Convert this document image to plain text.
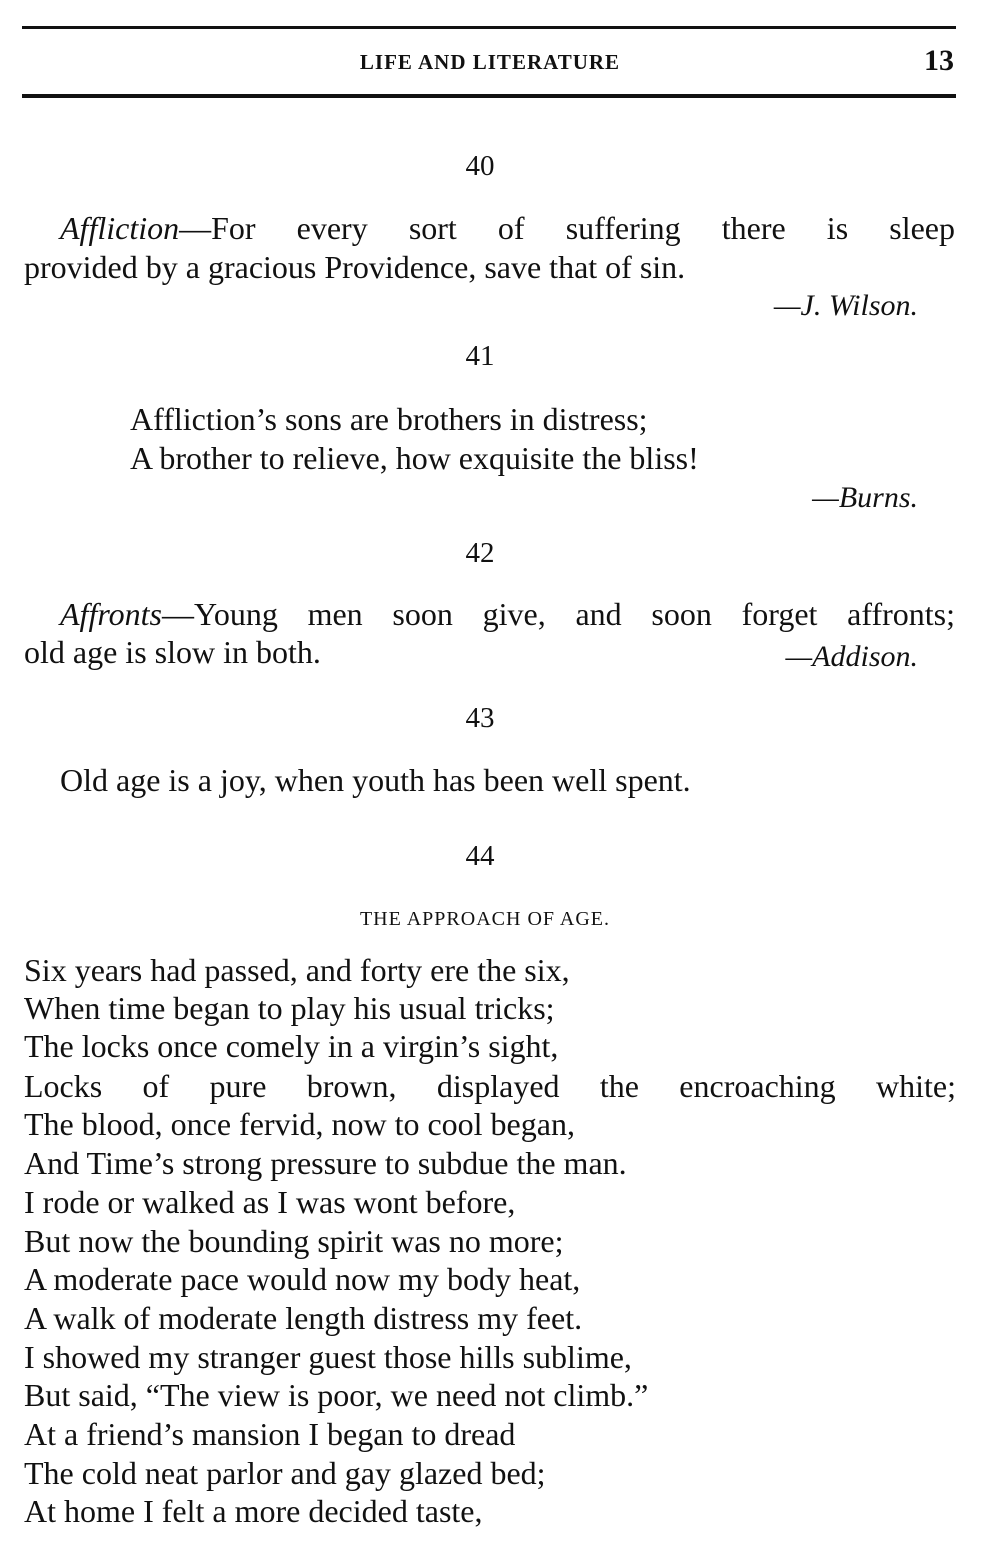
LIFE AND LITERATURE	13
40
Affliction—For every sort of suffering there is sleep
provided by a gracious Providence, save that of sin.
—J. Wilson.
41
Affliction’s sons are brothers in distress;
A brother to relieve, how exquisite the bliss!
—Burns.
42
Affronts—Young men soon give, and soon forget affronts;
old age is slow in both.	—Addison.
43
Old age is a joy, when youth has been well spent.
44
THE APPROACH OF AGE.
Six years had passed, and forty ere the six,
When time began to play his usual tricks;
The locks once comely in a virgin’s sight,
Locks of pure brown, displayed the encroaching white;
The blood, once fervid, now to cool began,
And Time’s strong pressure to subdue the man.
I rode or walked as I was wont before,
But now the bounding spirit was no more;
A moderate pace would now my body heat,
A walk of moderate length distress my feet.
I showed my stranger guest those hills sublime,
But said, “The view is poor, we need not climb.”
At a friend’s mansion I began to dread
The cold neat parlor and gay glazed bed;
At home I felt a more decided taste,
